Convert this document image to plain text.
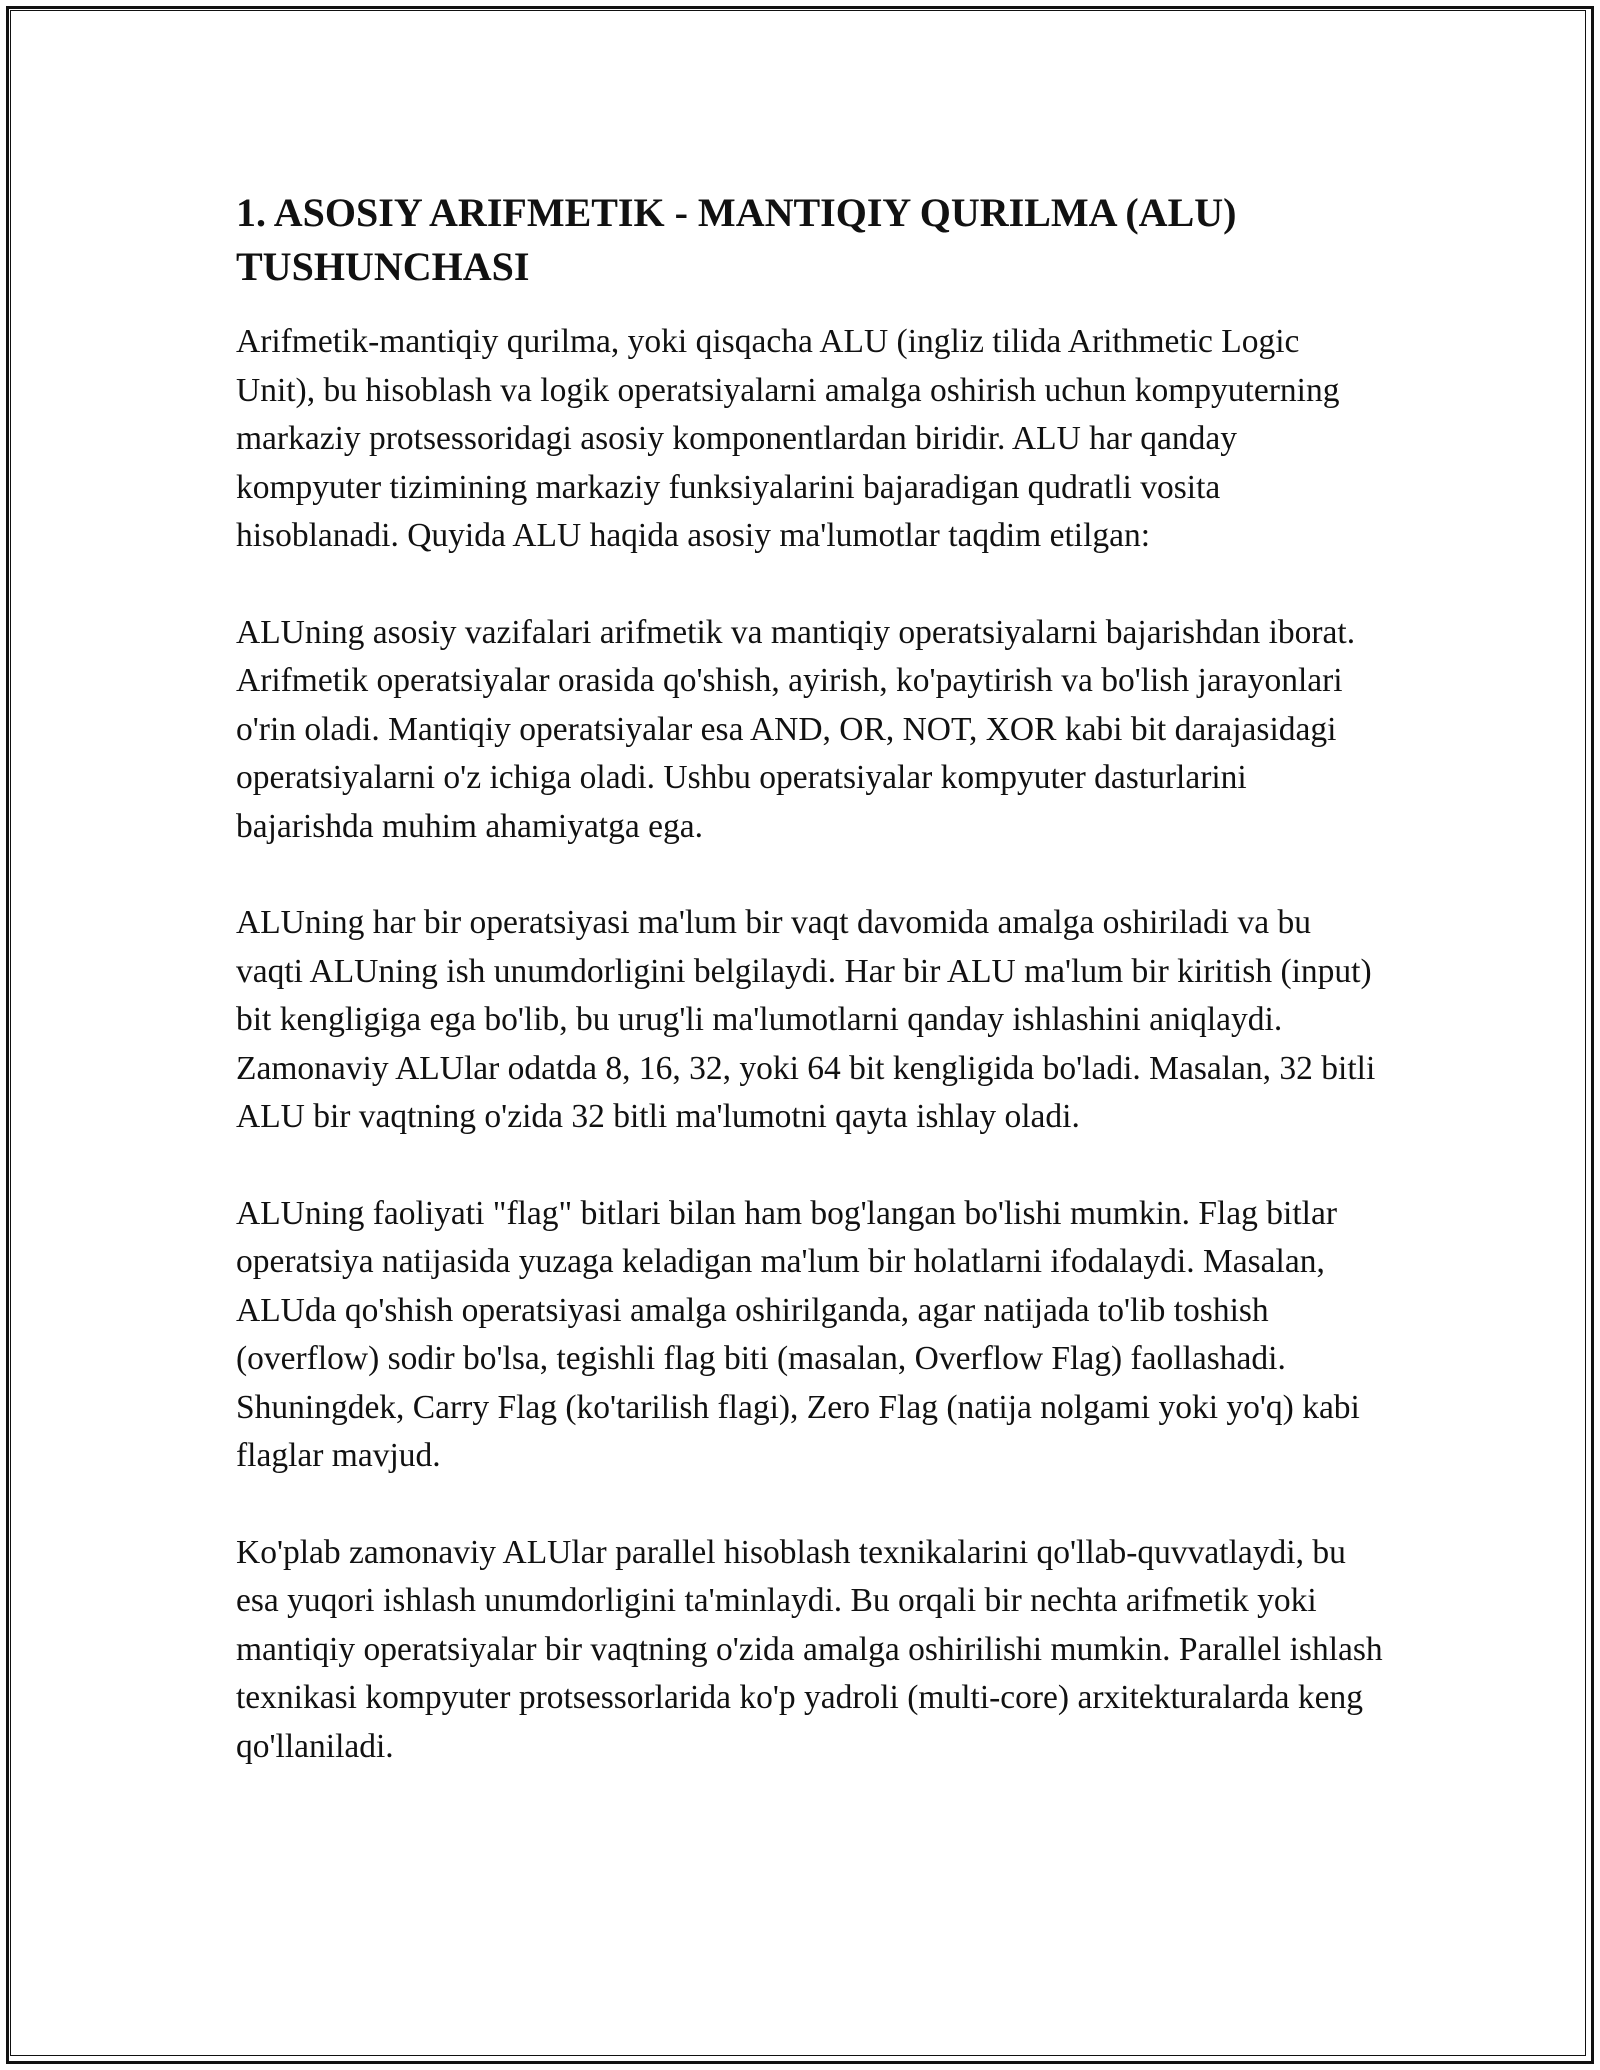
1. ASOSIY ARIFMETIK - MANTIQIY QURILMA (ALU) TUSHUNCHASI

Arifmetik-mantiqiy qurilma, yoki qisqacha ALU (ingliz tilida Arithmetic Logic Unit), bu hisoblash va logik operatsiyalarni amalga oshirish uchun kompyuterning markaziy protsessoridagi asosiy komponentlardan biridir. ALU har qanday kompyuter tizimining markaziy funksiyalarini bajaradigan qudratli vosita hisoblanadi. Quyida ALU haqida asosiy ma'lumotlar taqdim etilgan:

ALUning asosiy vazifalari arifmetik va mantiqiy operatsiyalarni bajarishdan iborat. Arifmetik operatsiyalar orasida qo'shish, ayirish, ko'paytirish va bo'lish jarayonlari o'rin oladi. Mantiqiy operatsiyalar esa AND, OR, NOT, XOR kabi bit darajasidagi operatsiyalarni o'z ichiga oladi. Ushbu operatsiyalar kompyuter dasturlarini bajarishda muhim ahamiyatga ega.

ALUning har bir operatsiyasi ma'lum bir vaqt davomida amalga oshiriladi va bu vaqti ALUning ish unumdorligini belgilaydi. Har bir ALU ma'lum bir kiritish (input) bit kengligiga ega bo'lib, bu urug'li ma'lumotlarni qanday ishlashini aniqlaydi. Zamonaviy ALUlar odatda 8, 16, 32, yoki 64 bit kengligida bo'ladi. Masalan, 32 bitli ALU bir vaqtning o'zida 32 bitli ma'lumotni qayta ishlay oladi.

ALUning faoliyati "flag" bitlari bilan ham bog'langan bo'lishi mumkin. Flag bitlar operatsiya natijasida yuzaga keladigan ma'lum bir holatlarni ifodalaydi. Masalan, ALUda qo'shish operatsiyasi amalga oshirilganda, agar natijada to'lib toshish (overflow) sodir bo'lsa, tegishli flag biti (masalan, Overflow Flag) faollashadi. Shuningdek, Carry Flag (ko'tarilish flagi), Zero Flag (natija nolgami yoki yo'q) kabi flaglar mavjud.

Ko'plab zamonaviy ALUlar parallel hisoblash texnikalarini qo'llab-quvvatlaydi, bu esa yuqori ishlash unumdorligini ta'minlaydi. Bu orqali bir nechta arifmetik yoki mantiqiy operatsiyalar bir vaqtning o'zida amalga oshirilishi mumkin. Parallel ishlash texnikasi kompyuter protsessorlarida ko'p yadroli (multi-core) arxitekturalarda keng qo'llaniladi.
